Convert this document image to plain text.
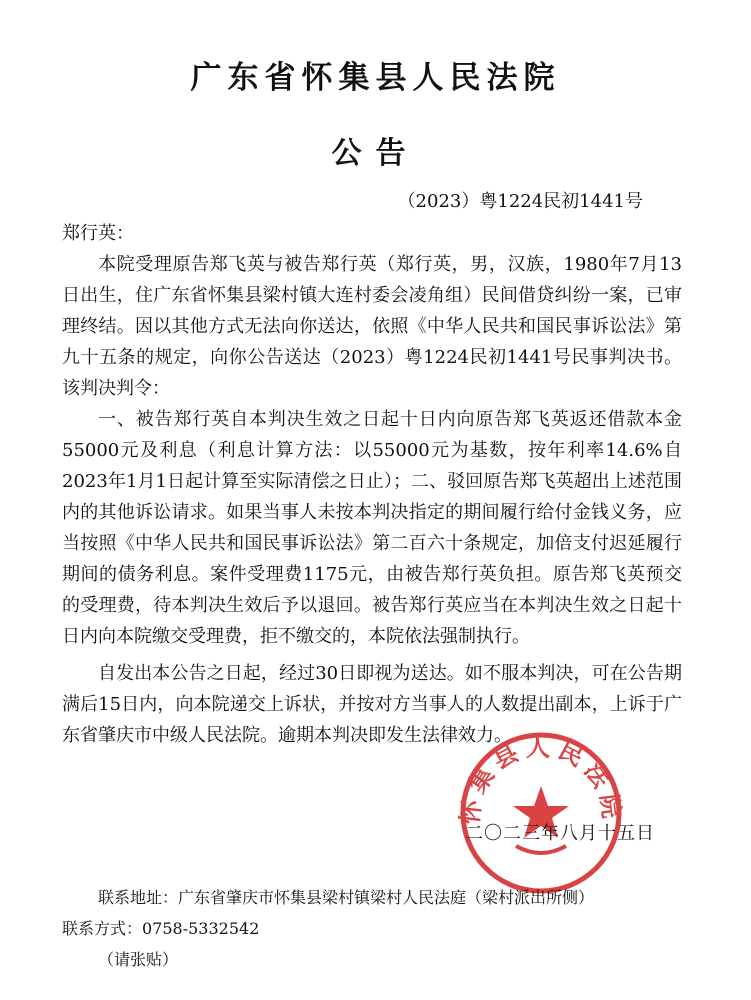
广东省怀集县人民法院
公告
（2023）粤1224民初1441号

郑行英：

本院受理原告郑飞英与被告郑行英（郑行英，男，汉族，1980年7月13日出生，住广东省怀集县梁村镇大连村委会凌角组）民间借贷纠纷一案，已审理终结。因以其他方式无法向你送达，依照《中华人民共和国民事诉讼法》第九十五条的规定，向你公告送达（2023）粤1224民初1441号民事判决书。该判决判令：

一、被告郑行英自本判决生效之日起十日内向原告郑飞英返还借款本金55000元及利息（利息计算方法：以55000元为基数，按年利率14.6%自2023年1月1日起计算至实际清偿之日止）；二、驳回原告郑飞英超出上述范围内的其他诉讼请求。如果当事人未按本判决指定的期间履行给付金钱义务，应当按照《中华人民共和国民事诉讼法》第二百六十条规定，加倍支付迟延履行期间的债务利息。案件受理费1175元，由被告郑行英负担。原告郑飞英预交的受理费，待本判决生效后予以退回。被告郑行英应当在本判决生效之日起十日内向本院缴交受理费，拒不缴交的，本院依法强制执行。

自发出本公告之日起，经过30日即视为送达。如不服本判决，可在公告期满后15日内，向本院递交上诉状，并按对方当事人的人数提出副本，上诉于广东省肇庆市中级人民法院。逾期本判决即发生法律效力。

怀集县人民法院
二〇二三年八月十五日

联系地址：广东省肇庆市怀集县梁村镇梁村人民法庭（梁村派出所侧）

联系方式：0758-5332542

（请张贴）
